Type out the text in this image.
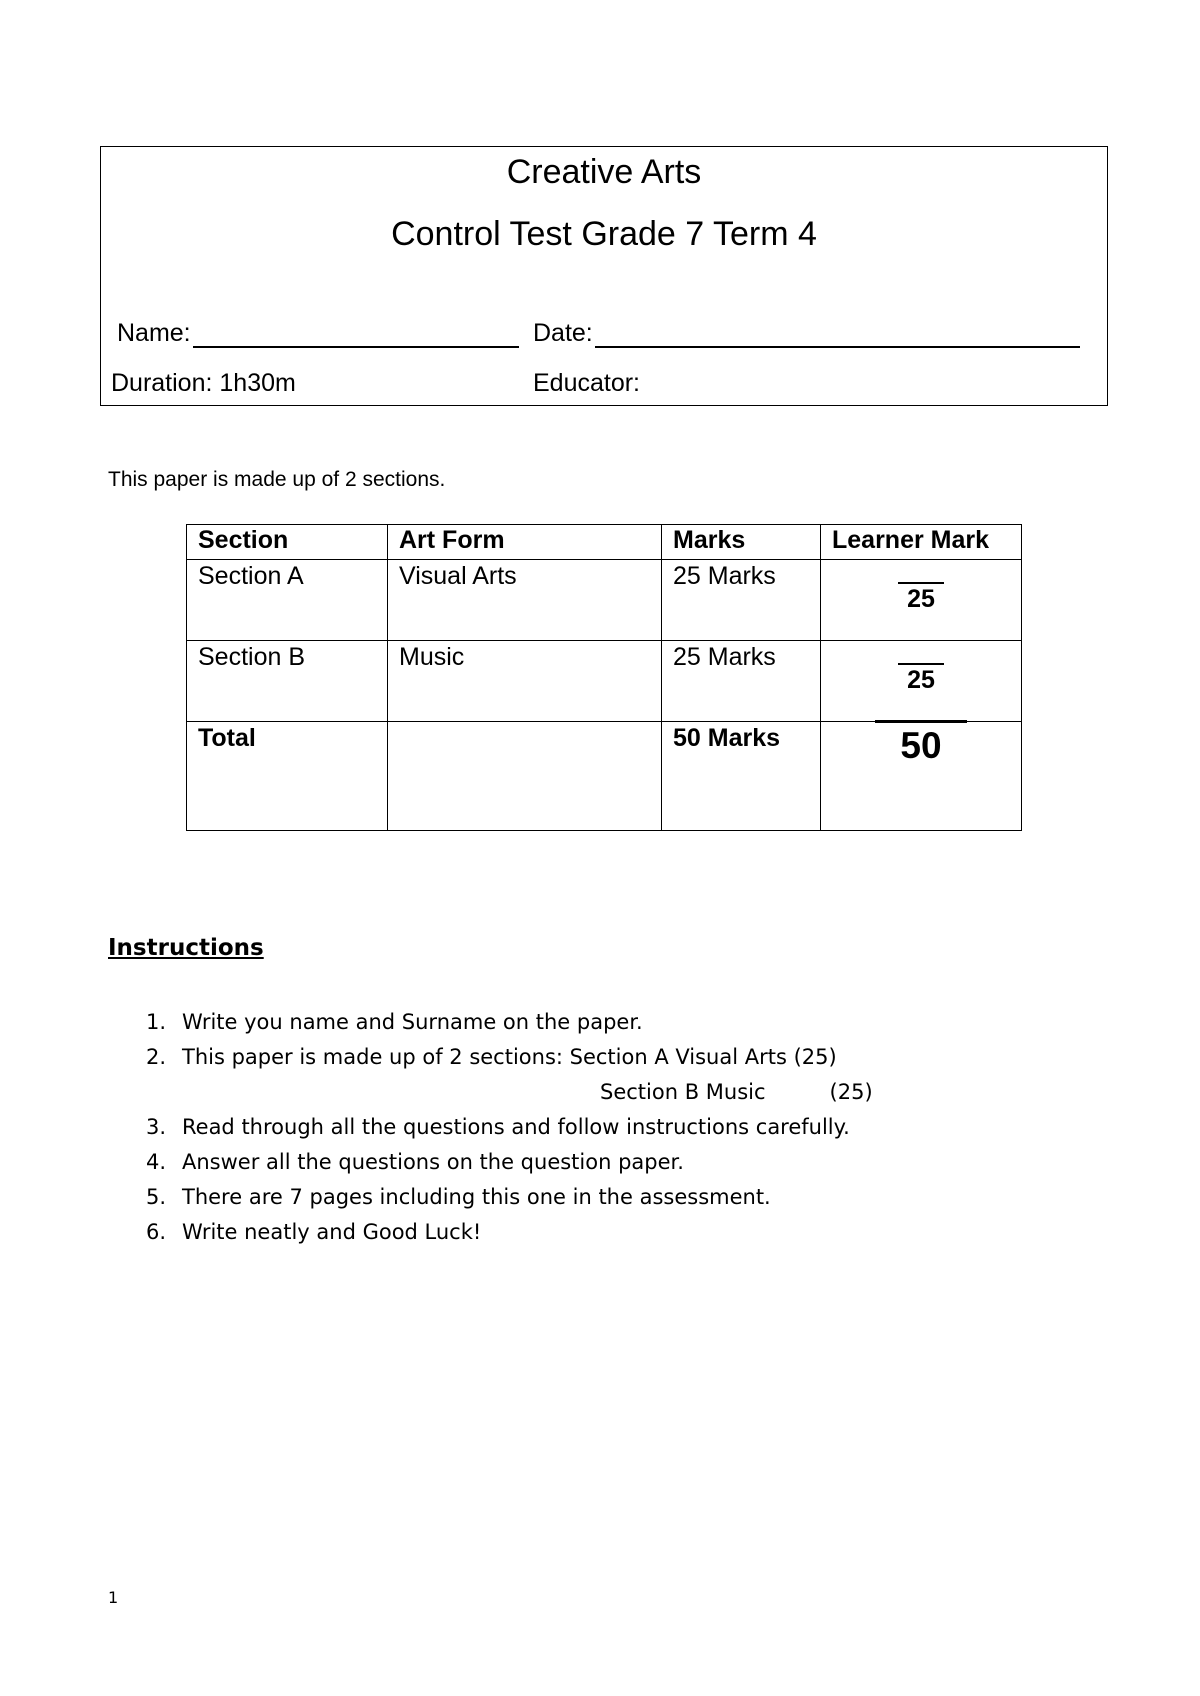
Creative Arts
Control Test Grade 7 Term 4
Name:	Date:
Duration: 1h30m	Educator:
This paper is made up of 2 sections.
Section	Art Form	Marks	Learner Mark
Section A	Visual Arts	25 Marks	25
Section B	Music	25 Marks	25
Total		50 Marks	50
Instructions
1. Write you name and Surname on the paper.
2. This paper is made up of 2 sections: Section A Visual Arts (25)
Section B Music	(25)
3. Read through all the questions and follow instructions carefully.
4. Answer all the questions on the question paper.
5. There are 7 pages including this one in the assessment.
6. Write neatly and Good Luck!
1
